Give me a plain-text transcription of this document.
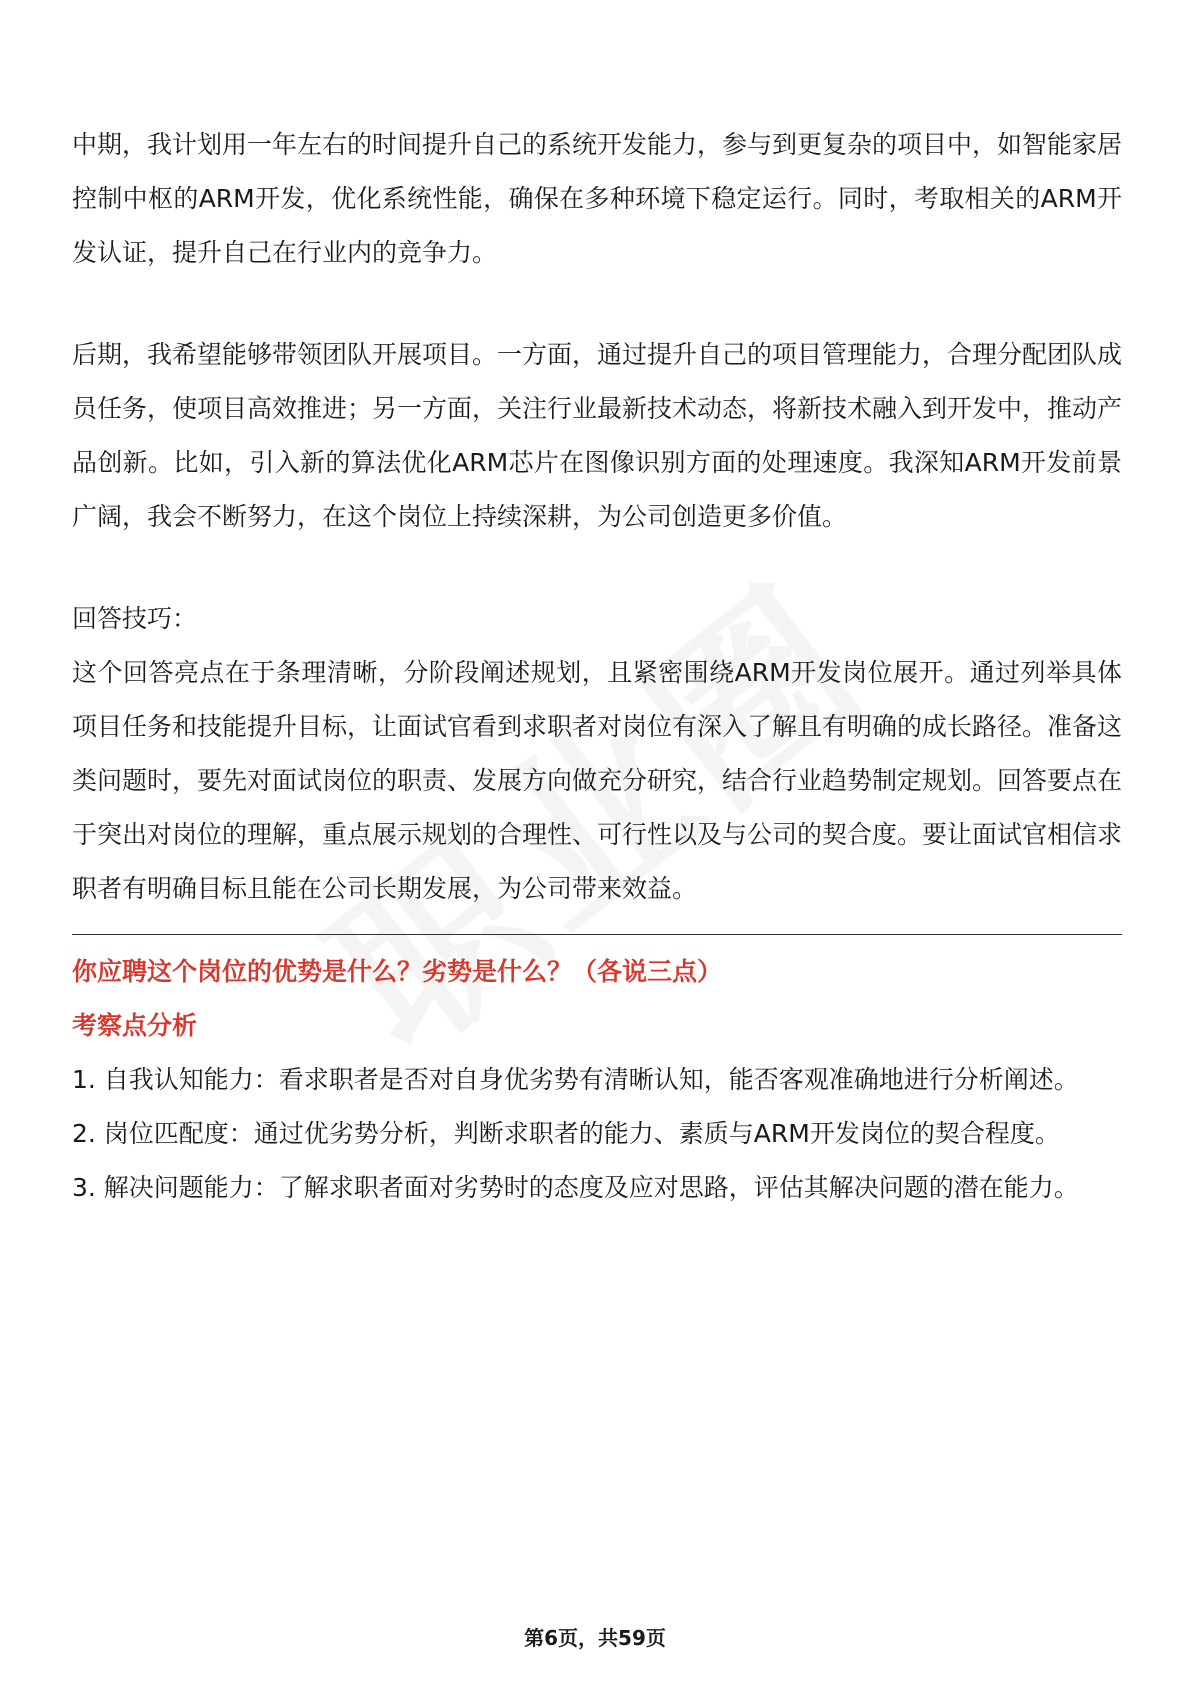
中期，我计划用一年左右的时间提升自己的系统开发能力，参与到更复杂的项目中，如智能家居控制中枢的ARM开发，优化系统性能，确保在多种环境下稳定运行。同时，考取相关的ARM开发认证，提升自己在行业内的竞争力。

后期，我希望能够带领团队开展项目。一方面，通过提升自己的项目管理能力，合理分配团队成员任务，使项目高效推进；另一方面，关注行业最新技术动态，将新技术融入到开发中，推动产品创新。比如，引入新的算法优化ARM芯片在图像识别方面的处理速度。我深知ARM开发前景广阔，我会不断努力，在这个岗位上持续深耕，为公司创造更多价值。

回答技巧：

这个回答亮点在于条理清晰，分阶段阐述规划，且紧密围绕ARM开发岗位展开。通过列举具体项目任务和技能提升目标，让面试官看到求职者对岗位有深入了解且有明确的成长路径。准备这类问题时，要先对面试岗位的职责、发展方向做充分研究，结合行业趋势制定规划。回答要点在于突出对岗位的理解，重点展示规划的合理性、可行性以及与公司的契合度。要让面试官相信求职者有明确目标且能在公司长期发展，为公司带来效益。

你应聘这个岗位的优势是什么？劣势是什么？（各说三点）

考察点分析

1. 自我认知能力：看求职者是否对自身优劣势有清晰认知，能否客观准确地进行分析阐述。

2. 岗位匹配度：通过优劣势分析，判断求职者的能力、素质与ARM开发岗位的契合程度。

3. 解决问题能力：了解求职者面对劣势时的态度及应对思路，评估其解决问题的潜在能力。

第6页，共59页
